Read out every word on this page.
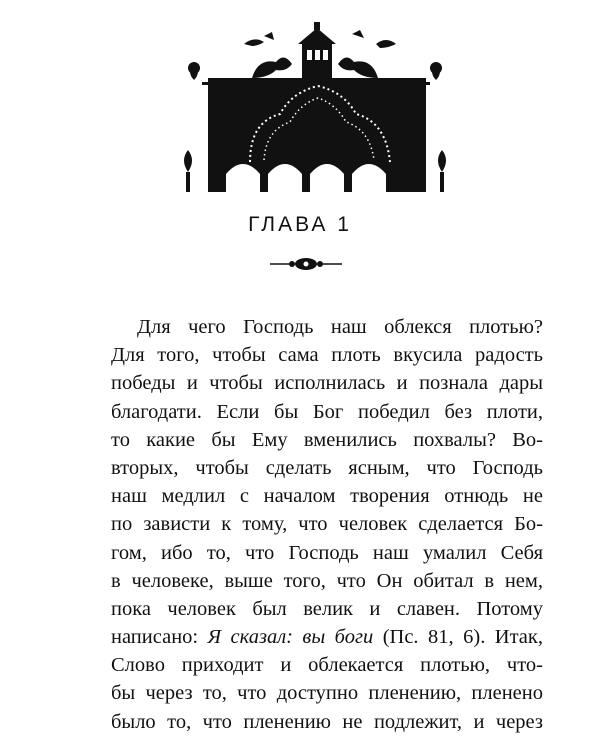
ГЛАВА 1
Для чего Господь наш облекся плотью?
Для того, чтобы сама плоть вкусила радость
победы и чтобы исполнилась и познала дары
благодати. Если бы Бог победил без плоти,
то какие бы Ему вменились похвалы? Во-
вторых, чтобы сделать ясным, что Господь
наш медлил с началом творения отнюдь не
по зависти к тому, что человек сделается Бо-
гом, ибо то, что Господь наш умалил Себя
в человеке, выше того, что Он обитал в нем,
пока человек был велик и славен. Потому
написано: Я сказал: вы боги (Пс. 81, 6). Итак,
Слово приходит и облекается плотью, что-
бы через то, что доступно пленению, пленено
было то, что пленению не подлежит, и через
